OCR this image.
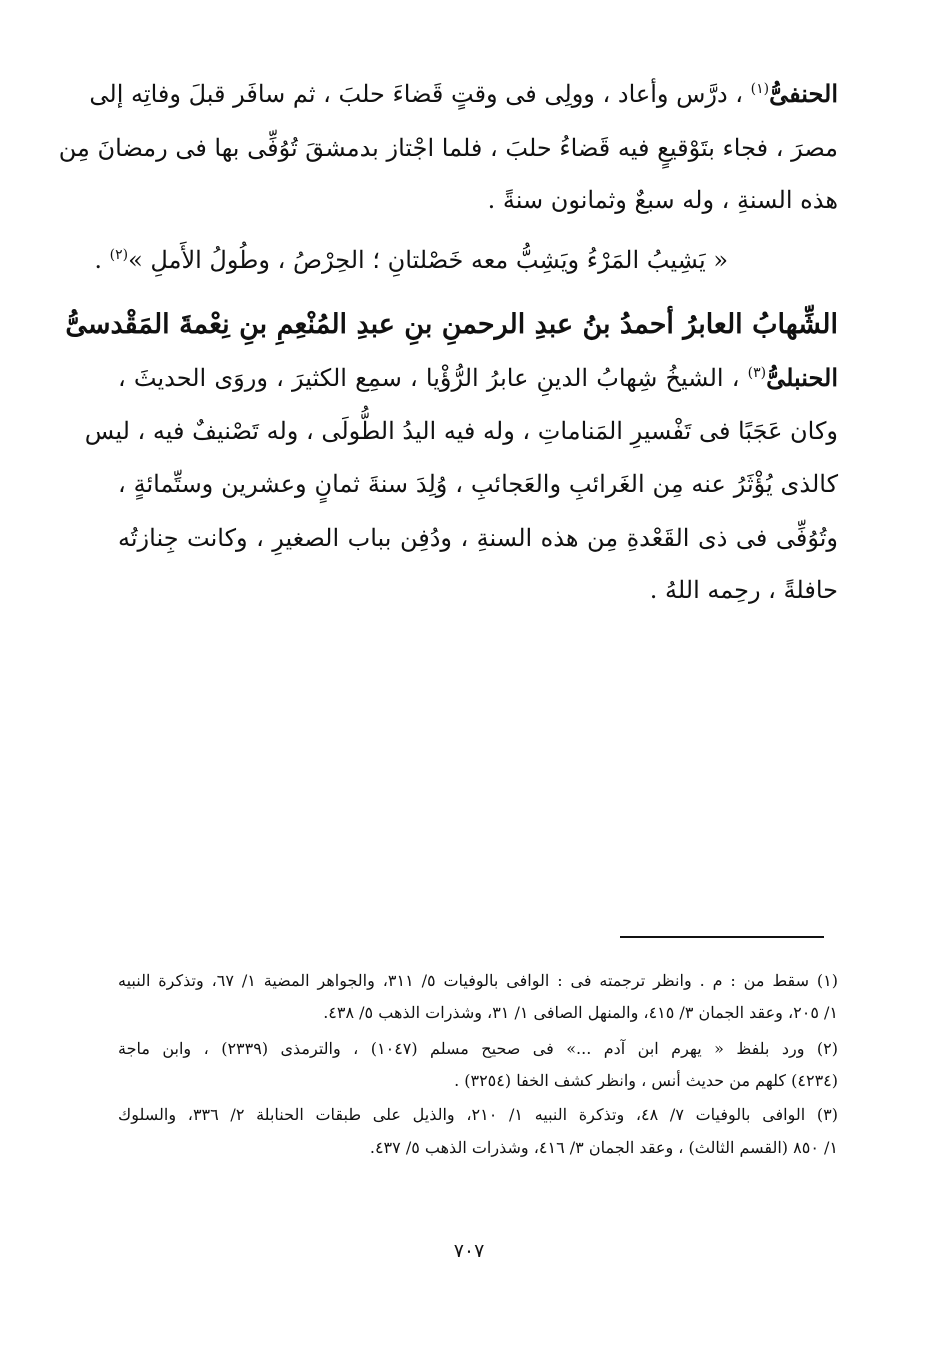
الحنفىُّ$^{(١)}$ ، درَّس وأعاد ، وولِى فى وقتٍ قَضاءَ حلبَ ، ثم سافَر قبلَ وفاتِه إلى
مصرَ ، فجاء بتَوْقيعٍ فيه قَضاءُ حلبَ ، فلما اجْتاز بدمشقَ تُوُفِّى بها فى رمضانَ مِن
هذه السنةِ ، وله سبعٌ وثمانون سنةً .
« يَشِيبُ المَرْءُ ويَشِبُّ معه خَصْلتانِ ؛ الحِرْصُ ، وطُولُ الأَملِ »$^{(٢)}$ .
الشِّهابُ العابرُ أحمدُ بنُ عبدِ الرحمنِ بنِ عبدِ المُنْعِمِ بنِ نِعْمةَ المَقْدسىُّ
الحنبلىُّ$^{(٣)}$ ، الشيخُ شِهابُ الدينِ عابرُ الرُّؤْيا ، سمِع الكثيرَ ، وروَى الحديثَ ،
وكان عَجَبًا فى تَفْسيرِ المَناماتِ ، وله فيه اليدُ الطُّولَى ، وله تَصْنيفٌ فيه ، ليس
كالذى يُؤْثَرُ عنه مِن الغَرائبِ والعَجائبِ ، وُلِدَ سنةَ ثمانٍ وعشرين وستِّمائةٍ ،
وتُوُفِّى فى ذى القَعْدةِ مِن هذه السنةِ ، ودُفِن بباب الصغيرِ ، وكانت جِنازتُه
حافلةً ، رحِمه اللهُ .
(١) سقط من : م . وانظر ترجمته فى : الوافى بالوفيات ٥/ ٣١١، والجواهر المضية ١/ ٦٧، وتذكرة النبيه
١/ ٢٠٥، وعقد الجمان ٣/ ٤١٥، والمنهل الصافى ١/ ٣١، وشذرات الذهب ٥/ ٤٣٨.
(٢) ورد بلفظ « يهرم ابن آدم ...» فى صحيح مسلم (١٠٤٧) ، والترمذى (٢٣٣٩) ، وابن ماجة
(٤٢٣٤) كلهم من حديث أنس ، وانظر كشف الخفا (٣٢٥٤) .
(٣) الوافى بالوفيات ٧/ ٤٨، وتذكرة النبيه ١/ ٢١٠، والذيل على طبقات الحنابلة ٢/ ٣٣٦، والسلوك
١/ ٨٥٠ (القسم الثالث) ، وعقد الجمان ٣/ ٤١٦، وشذرات الذهب ٥/ ٤٣٧.
٧٠٧
